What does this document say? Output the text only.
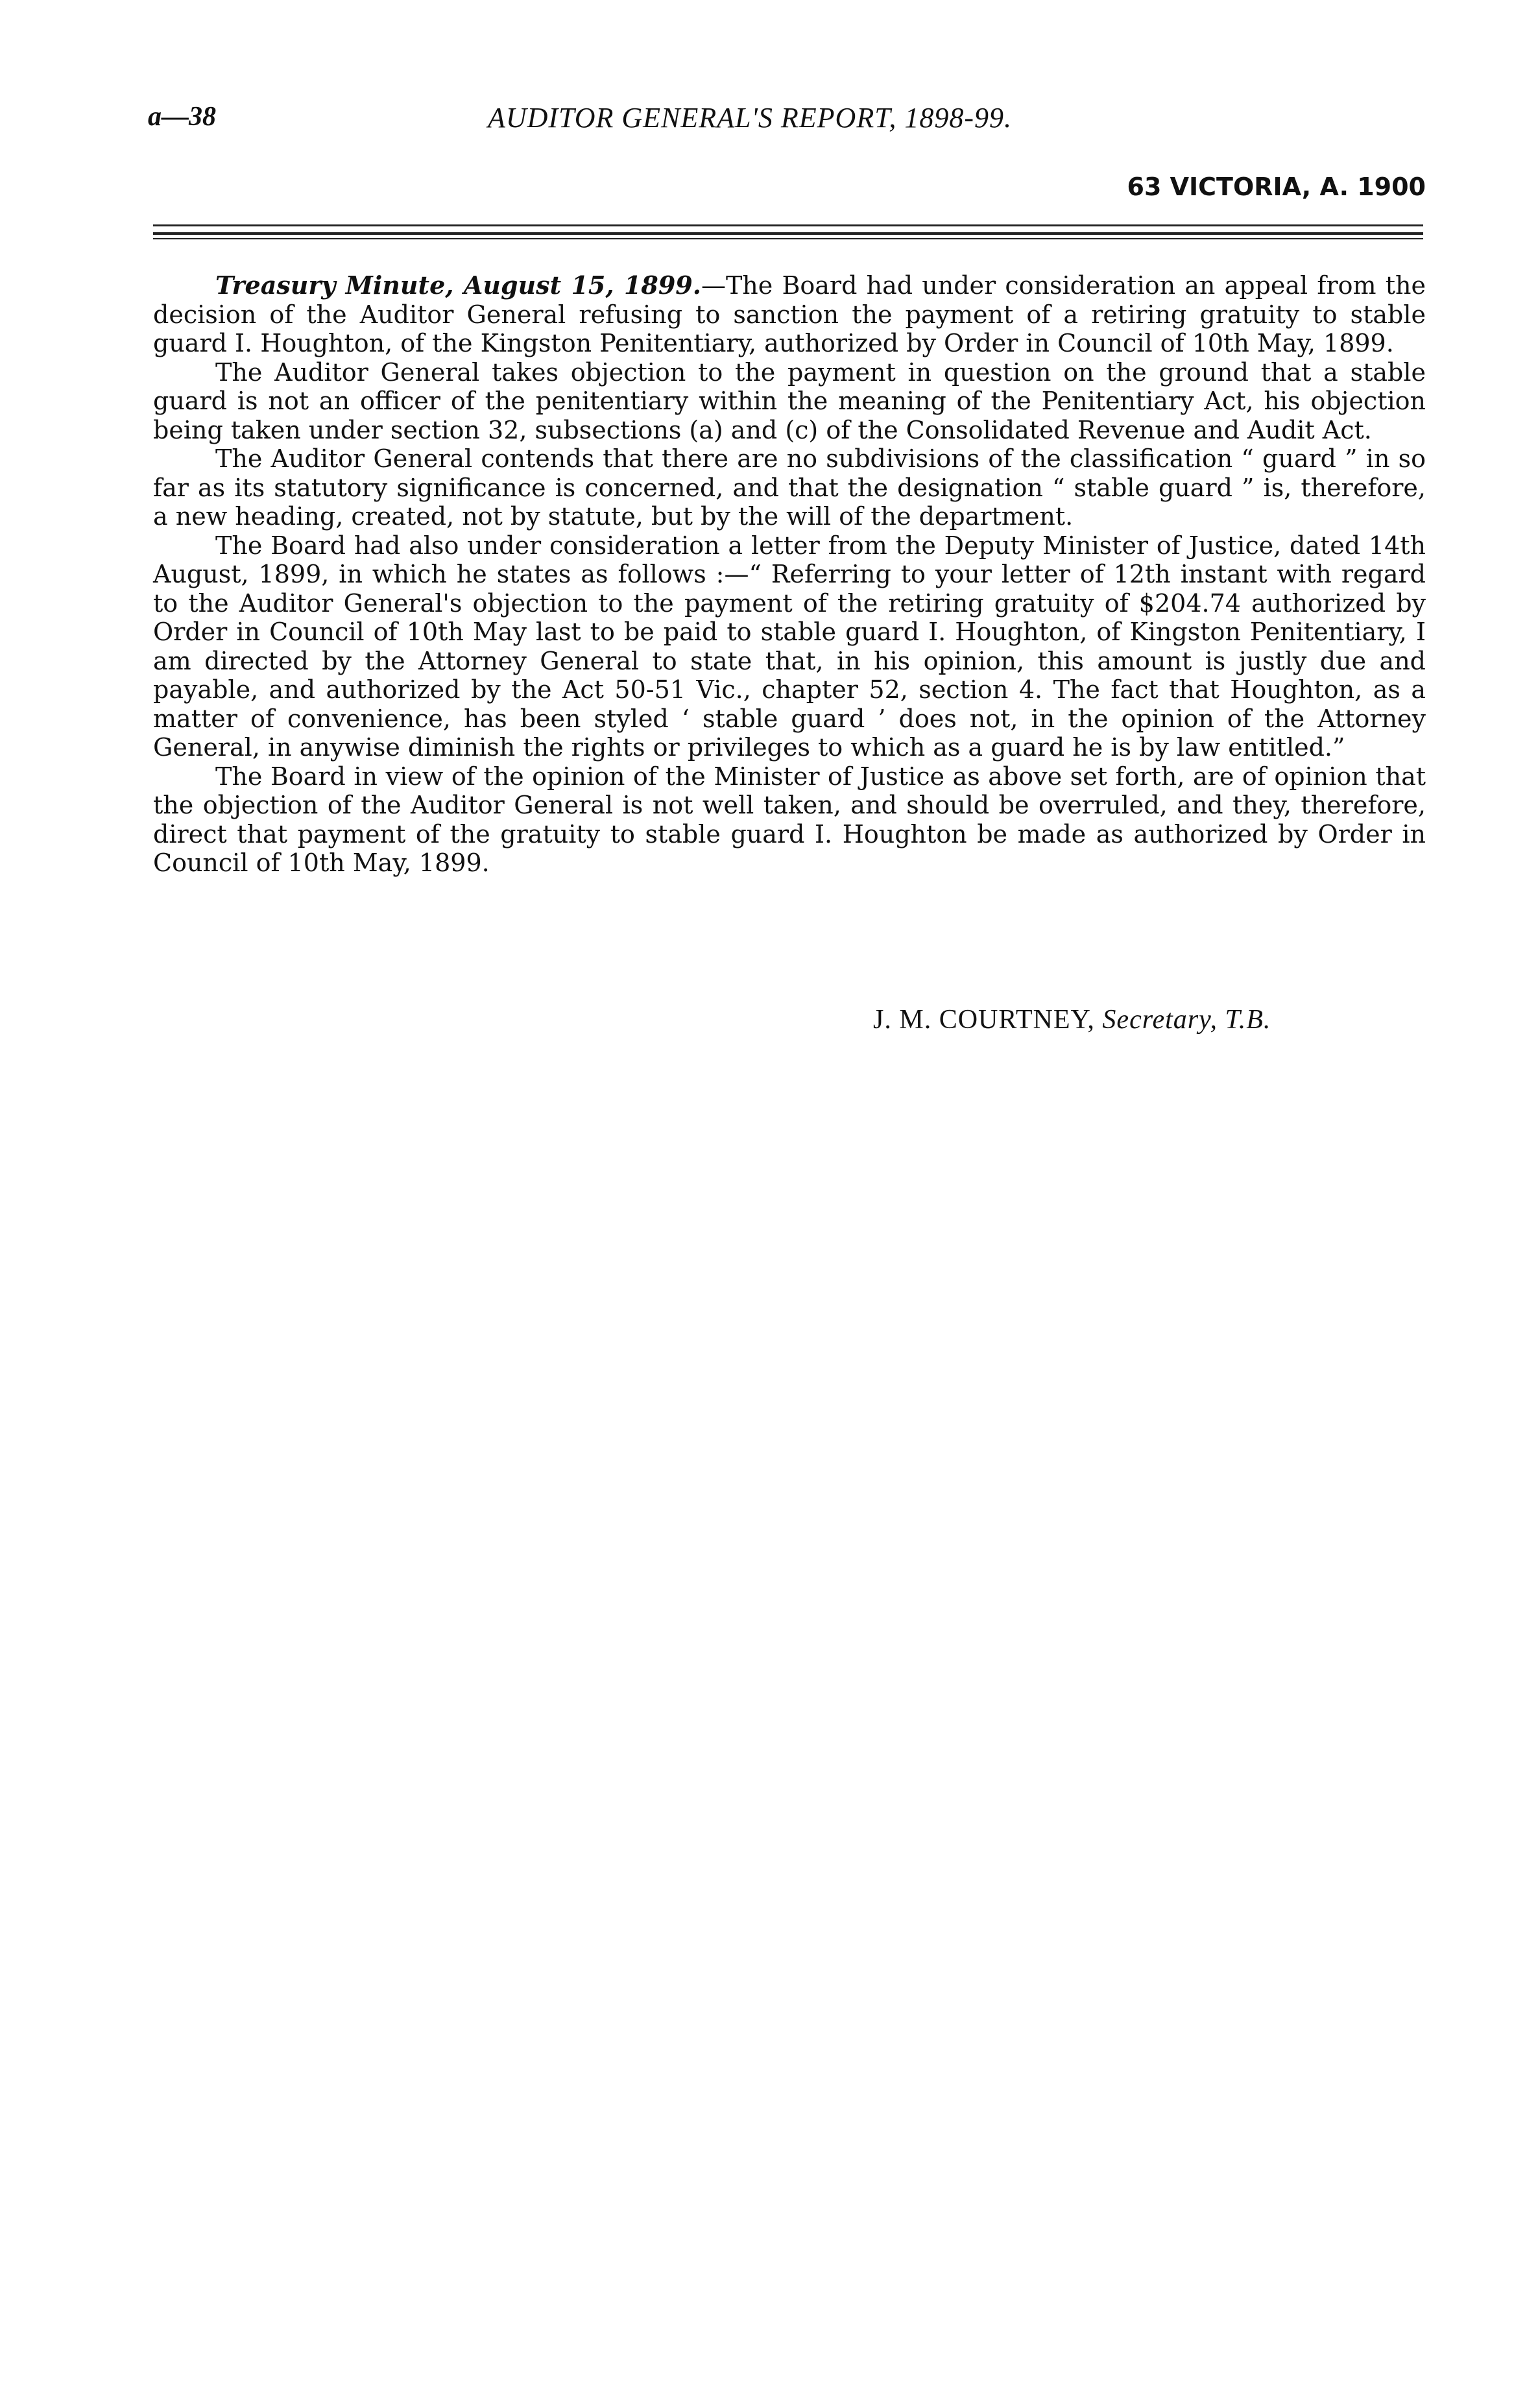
a—38	AUDITOR GENERAL'S REPORT, 1898-99.
63 VICTORIA, A. 1900

Treasury Minute, August 15, 1899.—The Board had under consideration an appeal from the decision of the Auditor General refusing to sanction the payment of a retiring gratuity to stable guard I. Houghton, of the Kingston Penitentiary, authorized by Order in Council of 10th May, 1899.

The Auditor General takes objection to the payment in question on the ground that a stable guard is not an officer of the penitentiary within the meaning of the Penitentiary Act, his objection being taken under section 32, subsections (a) and (c) of the Consolidated Revenue and Audit Act.

The Auditor General contends that there are no subdivisions of the classification “ guard ” in so far as its statutory significance is concerned, and that the designation “ stable guard ” is, therefore, a new heading, created, not by statute, but by the will of the department.

The Board had also under consideration a letter from the Deputy Minister of Justice, dated 14th August, 1899, in which he states as follows :—“ Referring to your letter of 12th instant with regard to the Auditor General's objection to the payment of the retiring gratuity of $204.74 authorized by Order in Council of 10th May last to be paid to stable guard I. Houghton, of Kingston Penitentiary, I am directed by the Attorney General to state that, in his opinion, this amount is justly due and payable, and authorized by the Act 50-51 Vic., chapter 52, section 4. The fact that Houghton, as a matter of convenience, has been styled ‘ stable guard ’ does not, in the opinion of the Attorney General, in anywise diminish the rights or privileges to which as a guard he is by law entitled.”

The Board in view of the opinion of the Minister of Justice as above set forth, are of opinion that the objection of the Auditor General is not well taken, and should be overruled, and they, therefore, direct that payment of the gratuity to stable guard I. Houghton be made as authorized by Order in Council of 10th May, 1899.

J. M. COURTNEY, Secretary, T.B.
